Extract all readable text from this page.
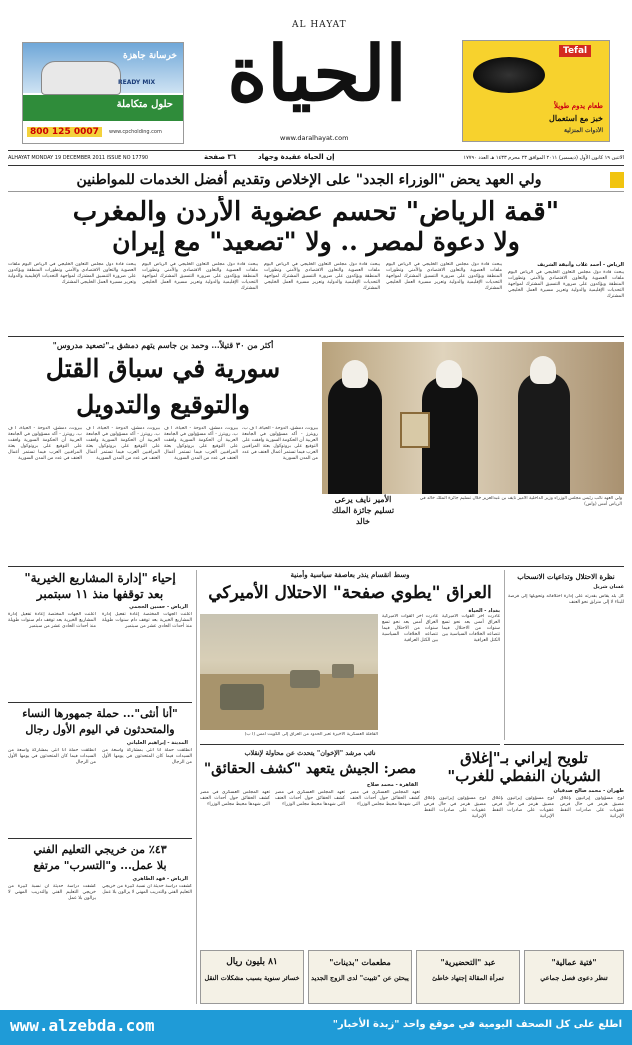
خرسانة جاهزة
READY MIX
حلول متكاملة
800 125 0007	www.cpcholding.com
AL HAYAT
الحياة
www.daralhayat.com
Tefal
طعام يدوم طويلاً
خبز مع استعمال
الأدوات المنزلية
ALHAYAT MONDAY 19 DECEMBER 2011 ISSUE NO 17790	٣٦ صفحة	إن الحياة عقيدة وجهاد	الاثنين ١٩ كانون الأول (ديسمبر) ٢٠١١ الموافق ٢٣ محرم ١٤٣٣ هـ العدد ١٧٧٩٠
ولي العهد يحض "الوزراء الجدد" على الإخلاص وتقديم أفضل الخدمات للمواطنين
"قمة الرياض" تحسم عضوية الأردن والمغرب
ولا دعوة لمصر .. ولا "تصعيد" مع إيران
الرياض - أحمد غلاب وأنيقة الشريف
يبحث قادة دول مجلس التعاون الخليجي في الرياض اليوم ملفات العضوية والتعاون الاقتصادي والأمني وتطورات المنطقة ويؤكدون على ضرورة التنسيق المشترك لمواجهة التحديات الإقليمية والدولية وتعزيز مسيرة العمل الخليجي المشترك
يبحث قادة دول مجلس التعاون الخليجي في الرياض اليوم ملفات العضوية والتعاون الاقتصادي والأمني وتطورات المنطقة ويؤكدون على ضرورة التنسيق المشترك لمواجهة التحديات الإقليمية والدولية وتعزيز مسيرة العمل الخليجي المشترك
يبحث قادة دول مجلس التعاون الخليجي في الرياض اليوم ملفات العضوية والتعاون الاقتصادي والأمني وتطورات المنطقة ويؤكدون على ضرورة التنسيق المشترك لمواجهة التحديات الإقليمية والدولية وتعزيز مسيرة العمل الخليجي المشترك
يبحث قادة دول مجلس التعاون الخليجي في الرياض اليوم ملفات العضوية والتعاون الاقتصادي والأمني وتطورات المنطقة ويؤكدون على ضرورة التنسيق المشترك لمواجهة التحديات الإقليمية والدولية وتعزيز مسيرة العمل الخليجي المشترك
يبحث قادة دول مجلس التعاون الخليجي في الرياض اليوم ملفات العضوية والتعاون الاقتصادي والأمني وتطورات المنطقة ويؤكدون على ضرورة التنسيق المشترك لمواجهة التحديات الإقليمية والدولية وتعزيز مسيرة العمل الخليجي المشترك
الأمير نايف يرعى تسليم جائزة الملك خالد
ولي العهد نائب رئيس مجلس الوزراء وزير الداخلية الأمير نايف بن عبدالعزيز خلال تسليم جائزة الملك خالد في الرياض أمس (واس)
أكثر من ٣٠ قتيلاً... وحمد بن جاسم يتهم دمشق بـ"تصعيد مدروس"
سورية في سباق القتل
والتوقيع والتدويل
بيروت، دمشق، الدوحة - الحياة، أ ف ب، رويترز - أكد مسؤولون في الجامعة العربية أن الحكومة السورية وافقت على التوقيع على بروتوكول بعثة المراقبين العرب فيما تستمر أعمال العنف في عدد من المدن السورية
بيروت، دمشق، الدوحة - الحياة، أ ف ب، رويترز - أكد مسؤولون في الجامعة العربية أن الحكومة السورية وافقت على التوقيع على بروتوكول بعثة المراقبين العرب فيما تستمر أعمال العنف في عدد من المدن السورية
بيروت، دمشق، الدوحة - الحياة، أ ف ب، رويترز - أكد مسؤولون في الجامعة العربية أن الحكومة السورية وافقت على التوقيع على بروتوكول بعثة المراقبين العرب فيما تستمر أعمال العنف في عدد من المدن السورية
بيروت، دمشق، الدوحة - الحياة، أ ف ب، رويترز - أكد مسؤولون في الجامعة العربية أن الحكومة السورية وافقت على التوقيع على بروتوكول بعثة المراقبين العرب فيما تستمر أعمال العنف في عدد من المدن السورية
إحياء "إدارة المشاريع الخيرية"
بعد توقفها منذ ١١ سبتمبر
الرياض - حسين الحجمي
أعلنت الجهات المختصة إعادة تفعيل إدارة المشاريع الخيرية بعد توقف دام سنوات طويلة منذ أحداث الحادي عشر من سبتمبر
أعلنت الجهات المختصة إعادة تفعيل إدارة المشاريع الخيرية بعد توقف دام سنوات طويلة منذ أحداث الحادي عشر من سبتمبر
"أنا أنثى"... حملة جمهورها النساء
والمتحدثون في اليوم الأول رجال
المدينة - إبراهيم العلياني
انطلقت حملة أنا أنثى بمشاركة واسعة من السيدات فيما كان المتحدثون في يومها الأول من الرجال
انطلقت حملة أنا أنثى بمشاركة واسعة من السيدات فيما كان المتحدثون في يومها الأول من الرجال
٤٣٪ من خريجي التعليم الفني
بلا عمل... و"التسرب" مرتفع
الرياض - فهد الطاهري
كشفت دراسة حديثة أن نسبة كبيرة من خريجي التعليم الفني والتدريب المهني لا يزالون بلا عمل
كشفت دراسة حديثة أن نسبة كبيرة من خريجي التعليم الفني والتدريب المهني لا يزالون بلا عمل
وسط انقسام ينذر بعاصفة سياسية وأمنية
العراق "يطوي صفحة" الاحتلال الأميركي
بغداد - الحياة
القافلة العسكرية الأخيرة تعبر الحدود من العراق إلى الكويت أمس (أ ب)
غادرت آخر القوات الأميركية العراق أمس بعد نحو تسع سنوات من الاحتلال فيما تتصاعد الخلافات السياسية بين الكتل العراقية
غادرت آخر القوات الأميركية العراق أمس بعد نحو تسع سنوات من الاحتلال فيما تتصاعد الخلافات السياسية بين الكتل العراقية
نظرة الاحتلال وتداعيات الانسحاب
غسان شربل
كل بلد يقاس بقدرته على إدارة اختلافاته وتحويلها إلى فرصة للبناء لا إلى منزلق نحو العنف
تلويح إيراني بـ"إغلاق
الشريان النفطي للغرب"
طهران - محمد صالح صدقيان
لوح مسؤولون إيرانيون بإغلاق مضيق هرمز في حال فرض عقوبات على صادرات النفط الإيرانية
لوح مسؤولون إيرانيون بإغلاق مضيق هرمز في حال فرض عقوبات على صادرات النفط الإيرانية
لوح مسؤولون إيرانيون بإغلاق مضيق هرمز في حال فرض عقوبات على صادرات النفط الإيرانية
نائب مرشد "الإخوان" يتحدث عن محاولة لإنقلاب
مصر: الجيش يتعهد "كشف الحقائق"
القاهرة - محمد صلاح
تعهد المجلس العسكري في مصر كشف الحقائق حول أحداث العنف التي شهدها محيط مجلس الوزراء
تعهد المجلس العسكري في مصر كشف الحقائق حول أحداث العنف التي شهدها محيط مجلس الوزراء
تعهد المجلس العسكري في مصر كشف الحقائق حول أحداث العنف التي شهدها محيط مجلس الوزراء
٨١ بليون ريال
خسائر سنوية بسبب مشكلات النقل
مطعمات "بدينات"
يبحثن عن "تثبيت" لدى الزوج الجديد
عبد "التحضيرية"
تمرأة المقالة إجتهاد خاطئ
"فتية عمالية"
تنظر دعوى فصل جماعي
www.alzebda.com	اطلع على كل الصحف اليومية في موقع واحد "زبدة الأخبار"
